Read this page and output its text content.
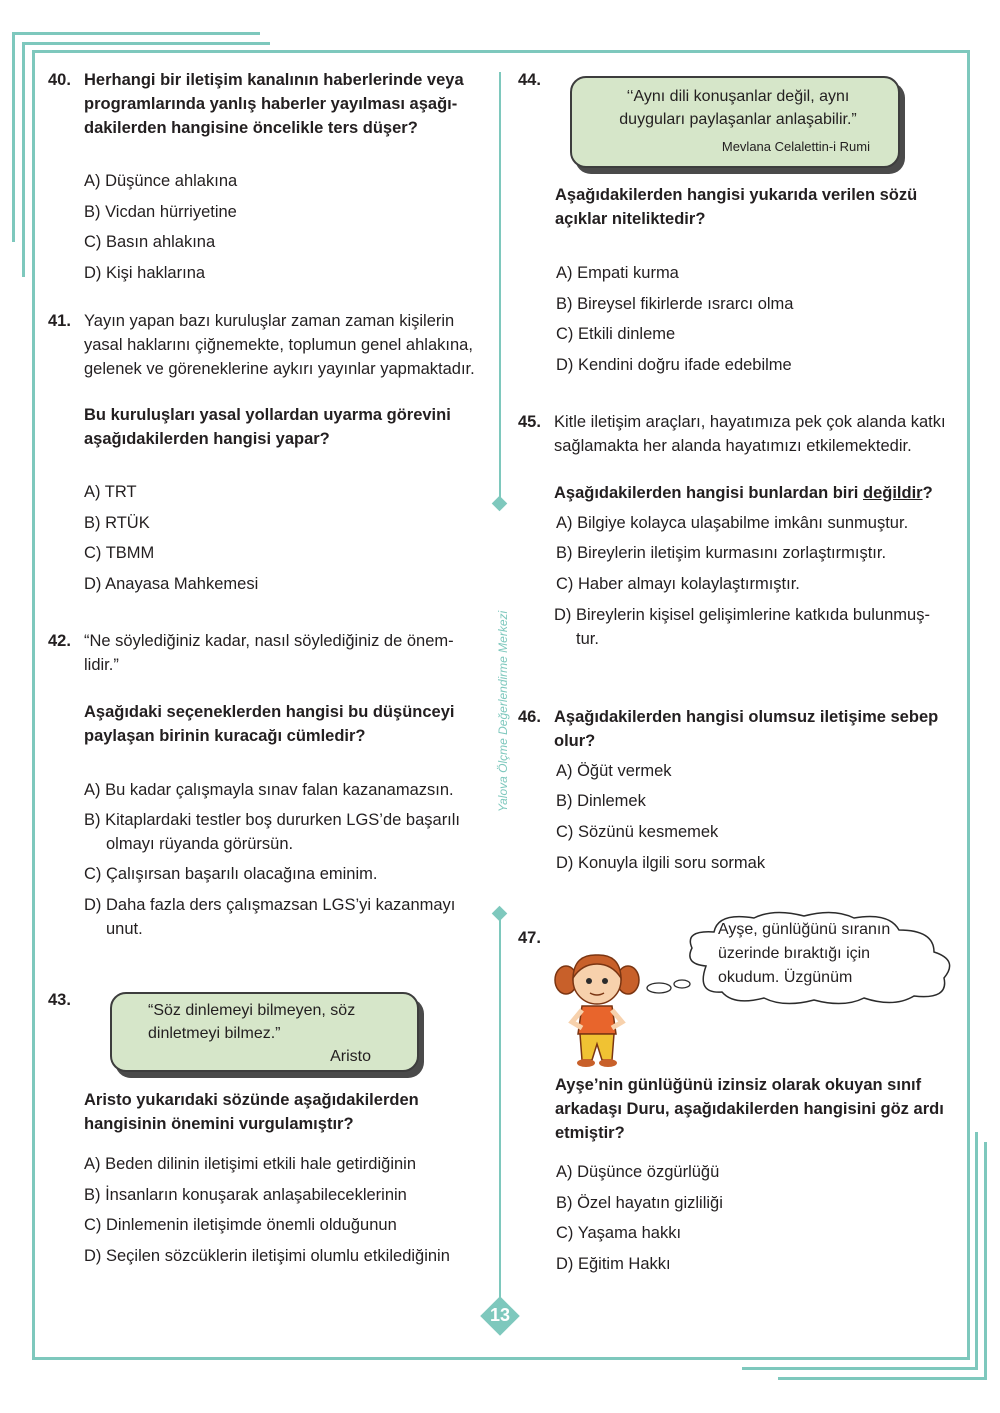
Yalova Ölçme Değerlendirme Merkezi
40. Herhangi bir iletişim kanalının haberlerinde veya programlarında yanlış haberler yayılması aşağı- dakilerden hangisine öncelikle ters düşer?
A) Düşünce ahlakına
B) Vicdan hürriyetine
C) Basın ahlakına
D) Kişi haklarına
41. Yayın yapan bazı kuruluşlar zaman zaman kişilerin yasal haklarını çiğnemekte, toplumun genel ahlakına, gelenek ve göreneklerine aykırı yayınlar yapmaktadır.
Bu kuruluşları yasal yollardan uyarma görevini aşağıdakilerden hangisi yapar?
A) TRT
B) RTÜK
C) TBMM
D) Anayasa Mahkemesi
42. “Ne söylediğiniz kadar, nasıl söylediğiniz de önem- lidir.”
Aşağıdaki seçeneklerden hangisi bu düşünceyi paylaşan birinin kuracağı cümledir?
A) Bu kadar çalışmayla sınav falan kazanamazsın.
B) Kitaplardaki testler boş dururken LGS’de başarılı olmayı rüyanda görürsün.
C) Çalışırsan başarılı olacağına eminim.
D) Daha fazla ders çalışmazsan LGS’yi kazanmayı unut.
43.
“Söz dinlemeyi bilmeyen, söz dinletmeyi bilmez.”
Aristo
Aristo yukarıdaki sözünde aşağıdakilerden hangisinin önemini vurgulamıştır?
A) Beden dilinin iletişimi etkili hale getirdiğinin
B) İnsanların konuşarak anlaşabileceklerinin
C) Dinlemenin iletişimde önemli olduğunun
D) Seçilen sözcüklerin iletişimi olumlu etkilediğinin
44.
‘‘Aynı dili konuşanlar değil, aynı duyguları paylaşanlar anlaşabilir.”
Mevlana Celalettin-i Rumi
Aşağıdakilerden hangisi yukarıda verilen sözü açıklar niteliktedir?
A) Empati kurma
B) Bireysel fikirlerde ısrarcı olma
C) Etkili dinleme
D) Kendini doğru ifade edebilme
45. Kitle iletişim araçları, hayatımıza pek çok alanda katkı sağlamakta her alanda hayatımızı etkilemektedir.
Aşağıdakilerden hangisi bunlardan biri değildir?
A) Bilgiye kolayca ulaşabilme imkânı sunmuştur.
B) Bireylerin iletişim kurmasını zorlaştırmıştır.
C) Haber almayı kolaylaştırmıştır.
D) Bireylerin kişisel gelişimlerine katkıda bulunmuş- tur.
46. Aşağıdakilerden hangisi olumsuz iletişime sebep olur?
A) Öğüt vermek
B) Dinlemek
C) Sözünü kesmemek
D) Konuyla ilgili soru sormak
47.	Ayşe, günlüğünü sıranın üzerinde bıraktığı için okudum. Üzgünüm
Ayşe’nin günlüğünü izinsiz olarak okuyan sınıf arkadaşı Duru, aşağıdakilerden hangisini göz ardı etmiştir?
A) Düşünce özgürlüğü
B) Özel hayatın gizliliği
C) Yaşama hakkı
D) Eğitim Hakkı
13
